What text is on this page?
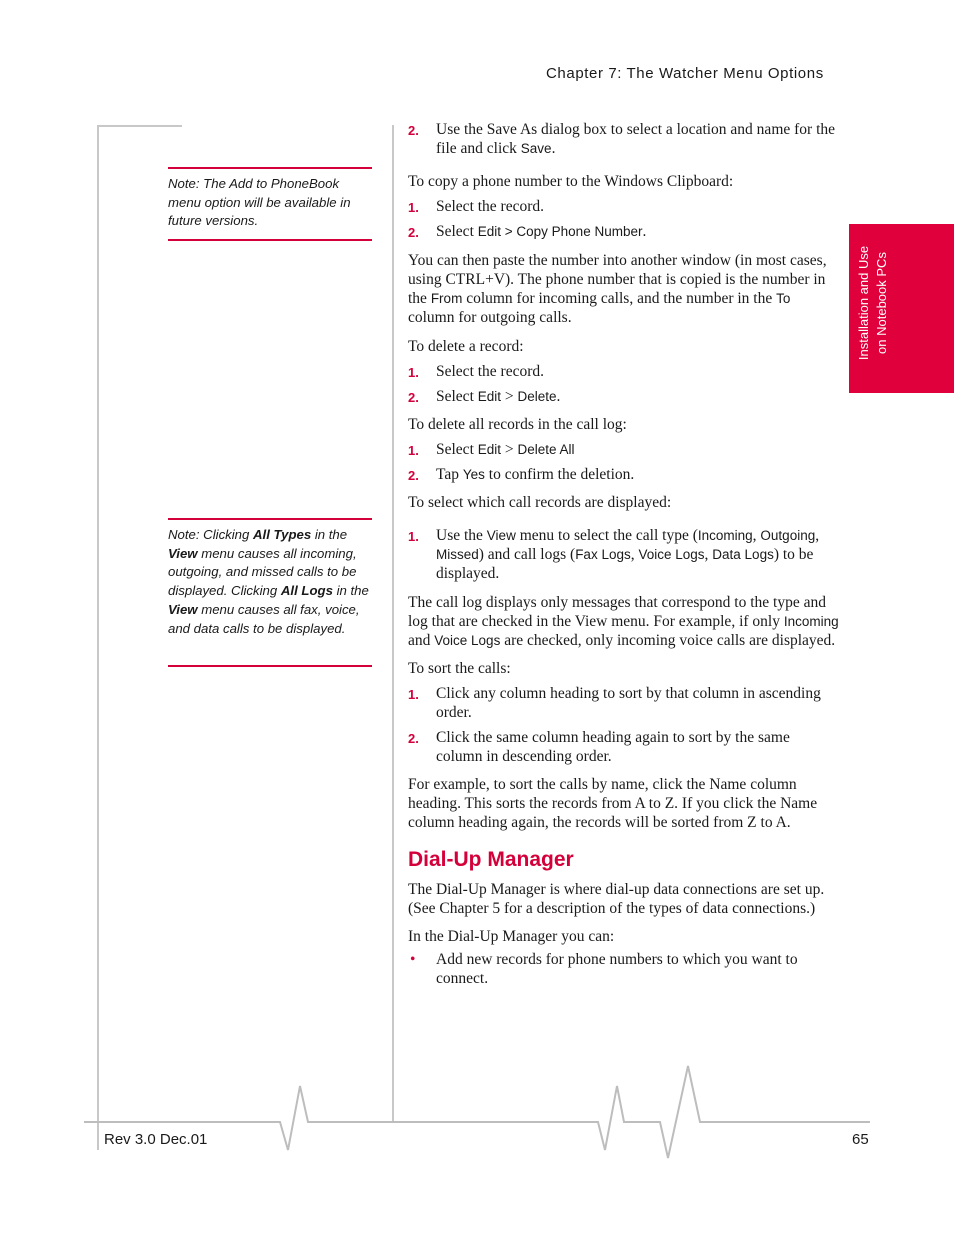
Chapter 7: The Watcher Menu Options
Installation and Use on Notebook PCs
Note: The Add to PhoneBook menu option will be available in future versions.
Note: Clicking All Types in the View menu causes all incoming, outgoing, and missed calls to be displayed. Clicking All Logs in the View menu causes all fax, voice, and data calls to be displayed.
2. Use the Save As dialog box to select a location and name for the file and click Save.

To copy a phone number to the Windows Clipboard:

1. Select the record.
2. Select Edit > Copy Phone Number.

You can then paste the number into another window (in most cases, using CTRL+V). The phone number that is copied is the number in the From column for incoming calls, and the number in the To column for outgoing calls.

To delete a record:

1. Select the record.
2. Select Edit > Delete.

To delete all records in the call log:

1. Select Edit > Delete All
2. Tap Yes to confirm the deletion.

To select which call records are displayed:

1. Use the View menu to select the call type (Incoming, Outgoing, Missed) and call logs (Fax Logs, Voice Logs, Data Logs) to be displayed.

The call log displays only messages that correspond to the type and log that are checked in the View menu. For example, if only Incoming and Voice Logs are checked, only incoming voice calls are displayed.

To sort the calls:

1. Click any column heading to sort by that column in ascending order.
2. Click the same column heading again to sort by the same column in descending order.

For example, to sort the calls by name, click the Name column heading. This sorts the records from A to Z. If you click the Name column heading again, the records will be sorted from Z to A.

Dial-Up Manager

The Dial-Up Manager is where dial-up data connections are set up. (See Chapter 5 for a description of the types of data connections.)

In the Dial-Up Manager you can:

• Add new records for phone numbers to which you want to connect.
Rev 3.0 Dec.01	65
